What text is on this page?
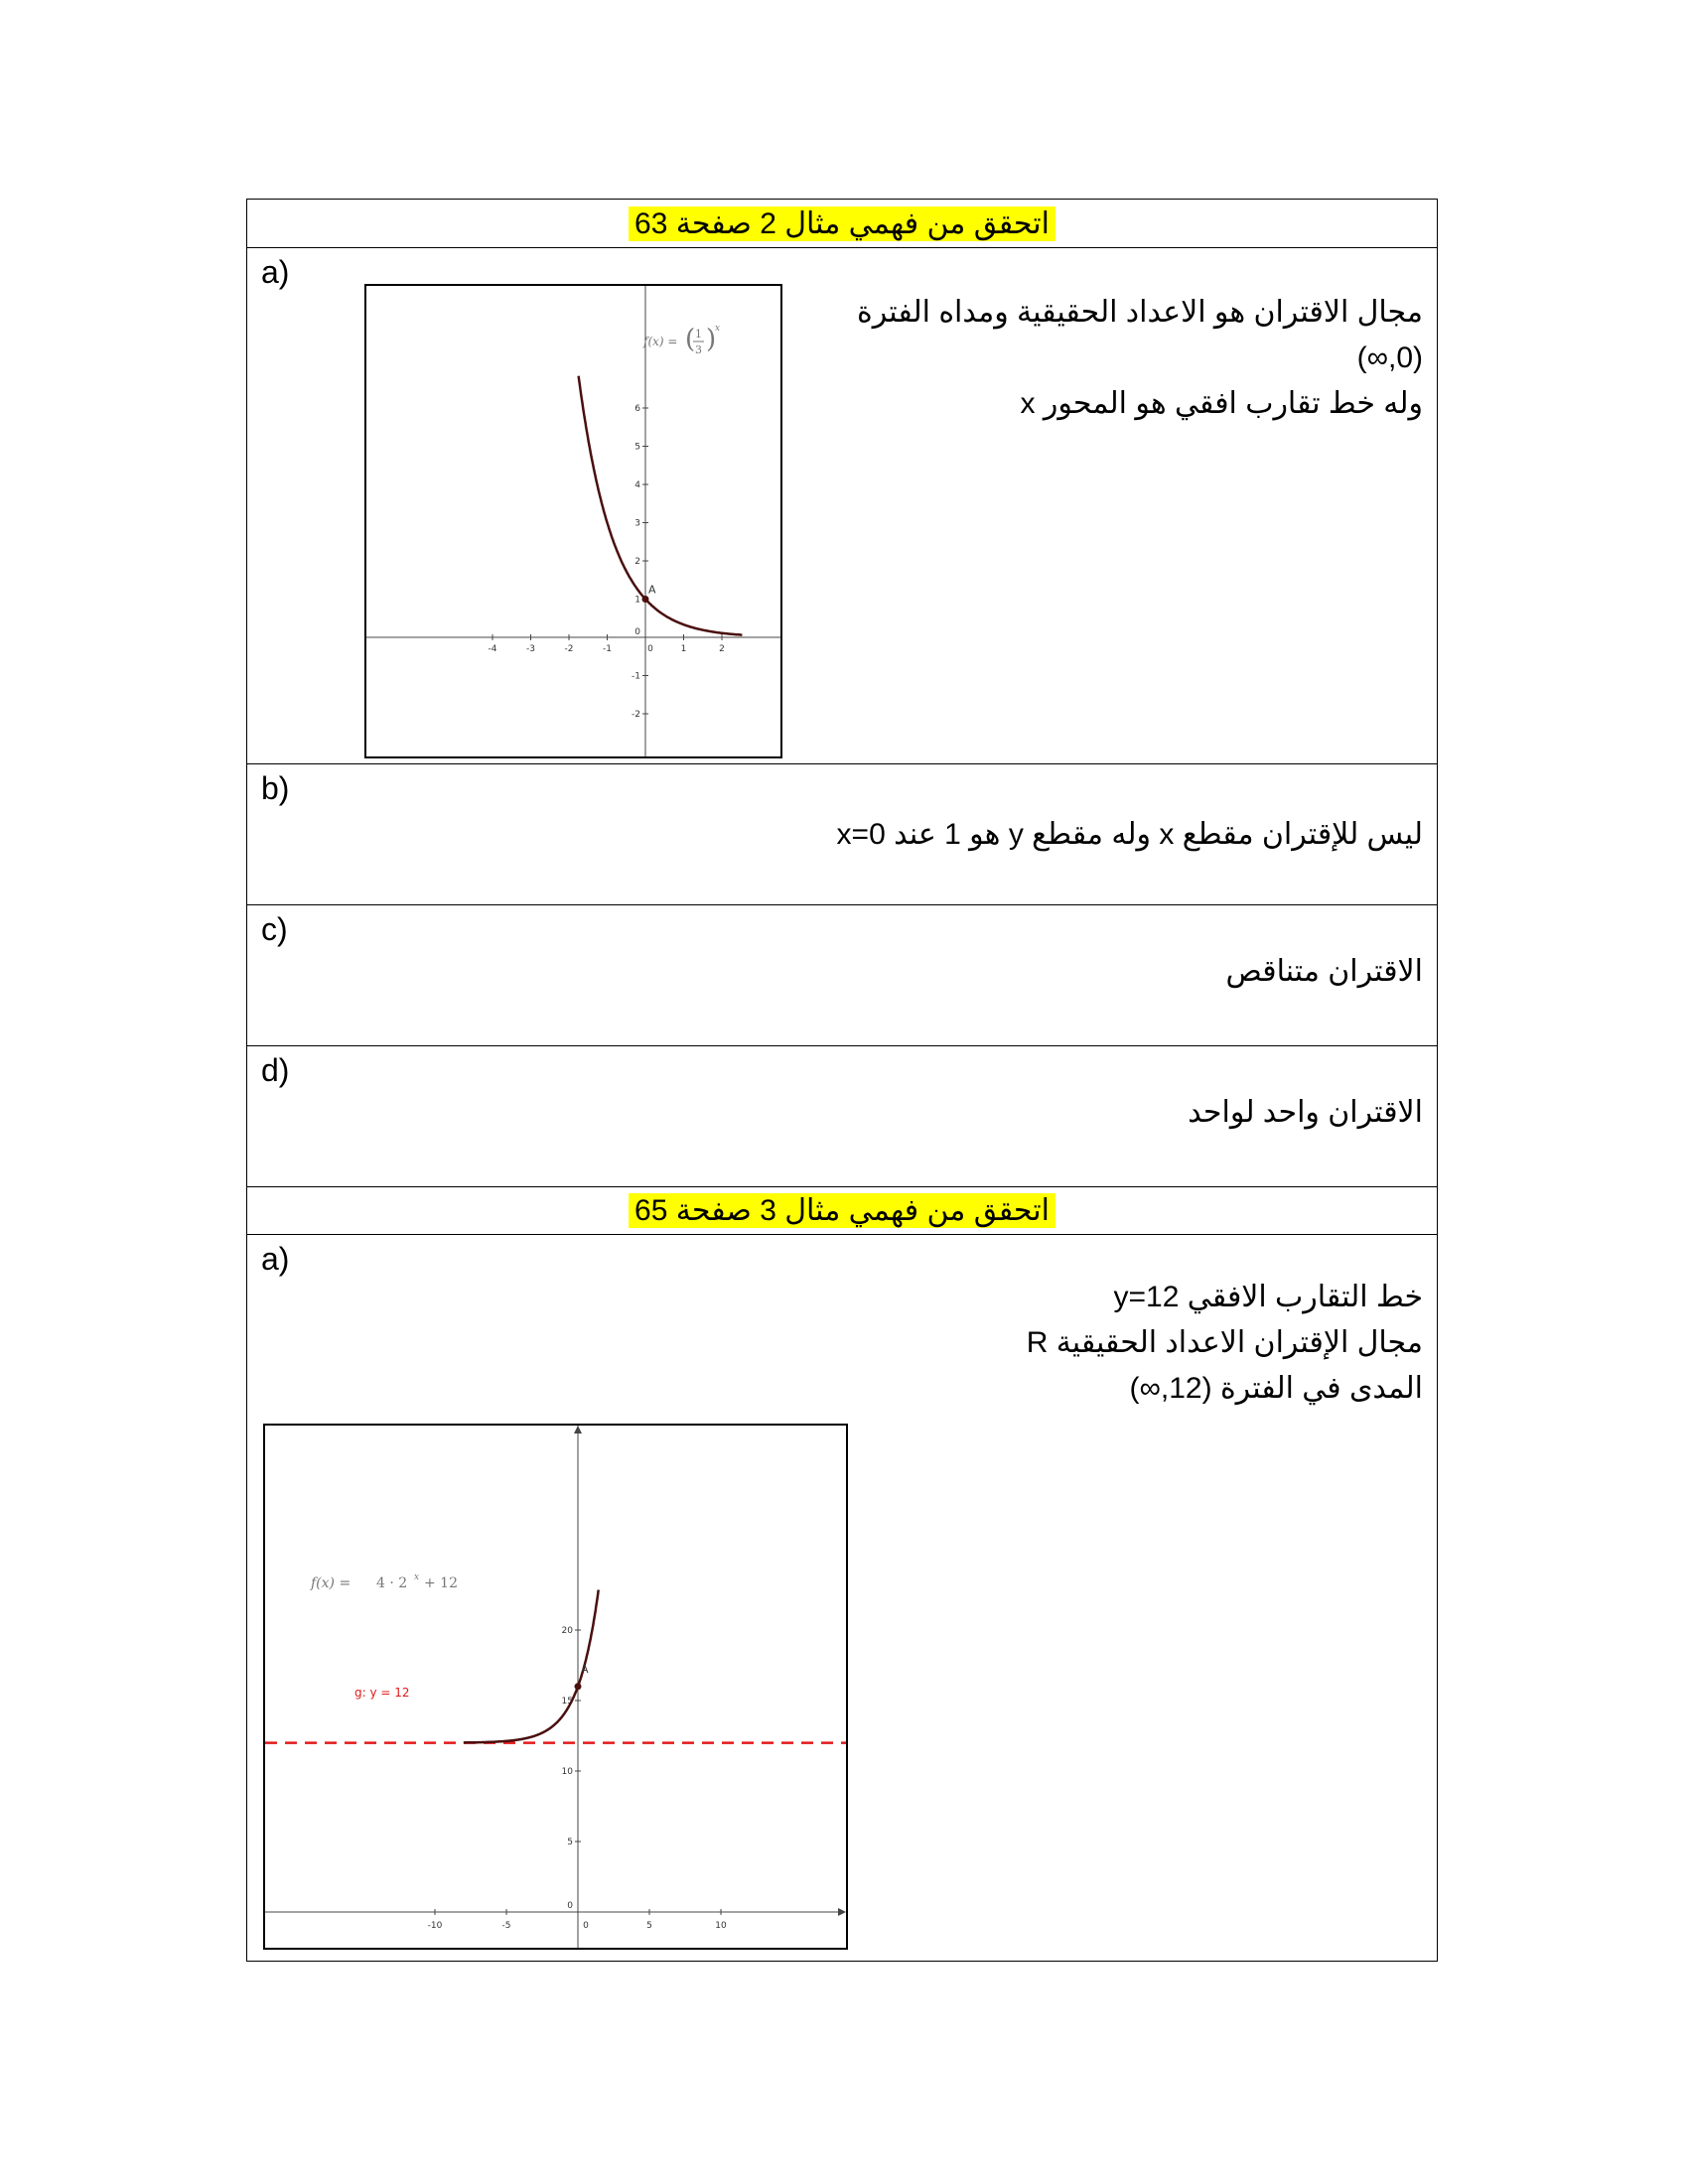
اتحقق من فهمي مثال 2 صفحة 63
a)
مجال الاقتران هو الاعداد الحقيقية ومداه الفترة
(0,∞)
وله خط تقارب افقي هو المحور x
-4	-3	-2	-1	0	1	2
6
5
4
3
2
1
0
-1
-2
A
f(x) = ( 1
3 )
x
b)
ليس للإقتران مقطع x وله مقطع y هو 1 عند x=0
c)
الاقتران متناقص
d)
الاقتران واحد لواحد
اتحقق من فهمي مثال 3 صفحة 65
a)
خط التقارب الافقي y=12
مجال الإقتران الاعداد الحقيقية R
المدى في الفترة (12,∞)
-10	-5	0	5	10
20
15
10
5
0
A
f(x) = 4 · 2 x + 12
g: y = 12
